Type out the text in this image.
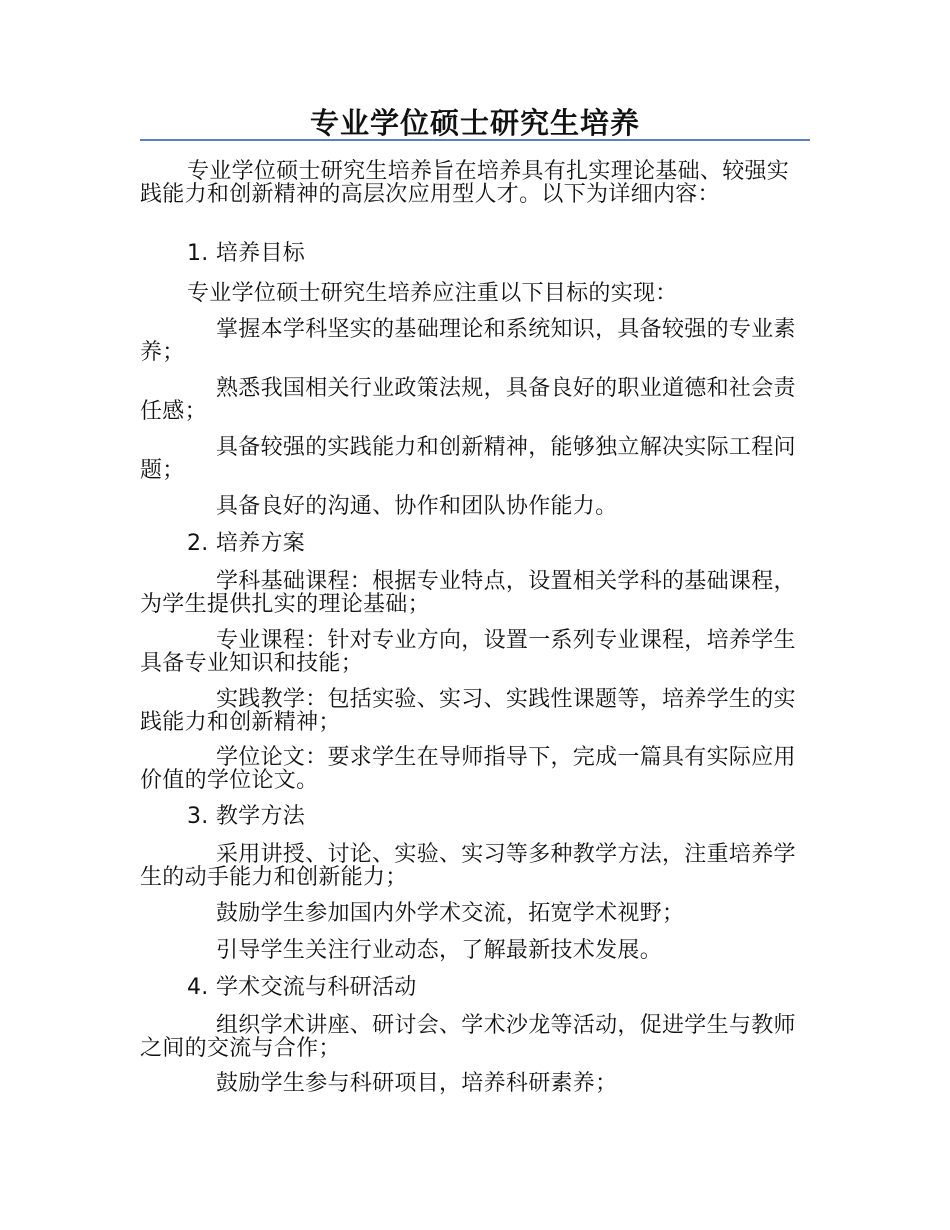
专业学位硕士研究生培养

专业学位硕士研究生培养旨在培养具有扎实理论基础、较强实践能力和创新精神的高层次应用型人才。以下为详细内容：

1. 培养目标

专业学位硕士研究生培养应注重以下目标的实现：

掌握本学科坚实的基础理论和系统知识，具备较强的专业素养；

熟悉我国相关行业政策法规，具备良好的职业道德和社会责任感；

具备较强的实践能力和创新精神，能够独立解决实际工程问题；

具备良好的沟通、协作和团队协作能力。

2. 培养方案

学科基础课程：根据专业特点，设置相关学科的基础课程，为学生提供扎实的理论基础；

专业课程：针对专业方向，设置一系列专业课程，培养学生具备专业知识和技能；

实践教学：包括实验、实习、实践性课题等，培养学生的实践能力和创新精神；

学位论文：要求学生在导师指导下，完成一篇具有实际应用价值的学位论文。

3. 教学方法

采用讲授、讨论、实验、实习等多种教学方法，注重培养学生的动手能力和创新能力；

鼓励学生参加国内外学术交流，拓宽学术视野；

引导学生关注行业动态，了解最新技术发展。

4. 学术交流与科研活动

组织学术讲座、研讨会、学术沙龙等活动，促进学生与教师之间的交流与合作；

鼓励学生参与科研项目，培养科研素养；
